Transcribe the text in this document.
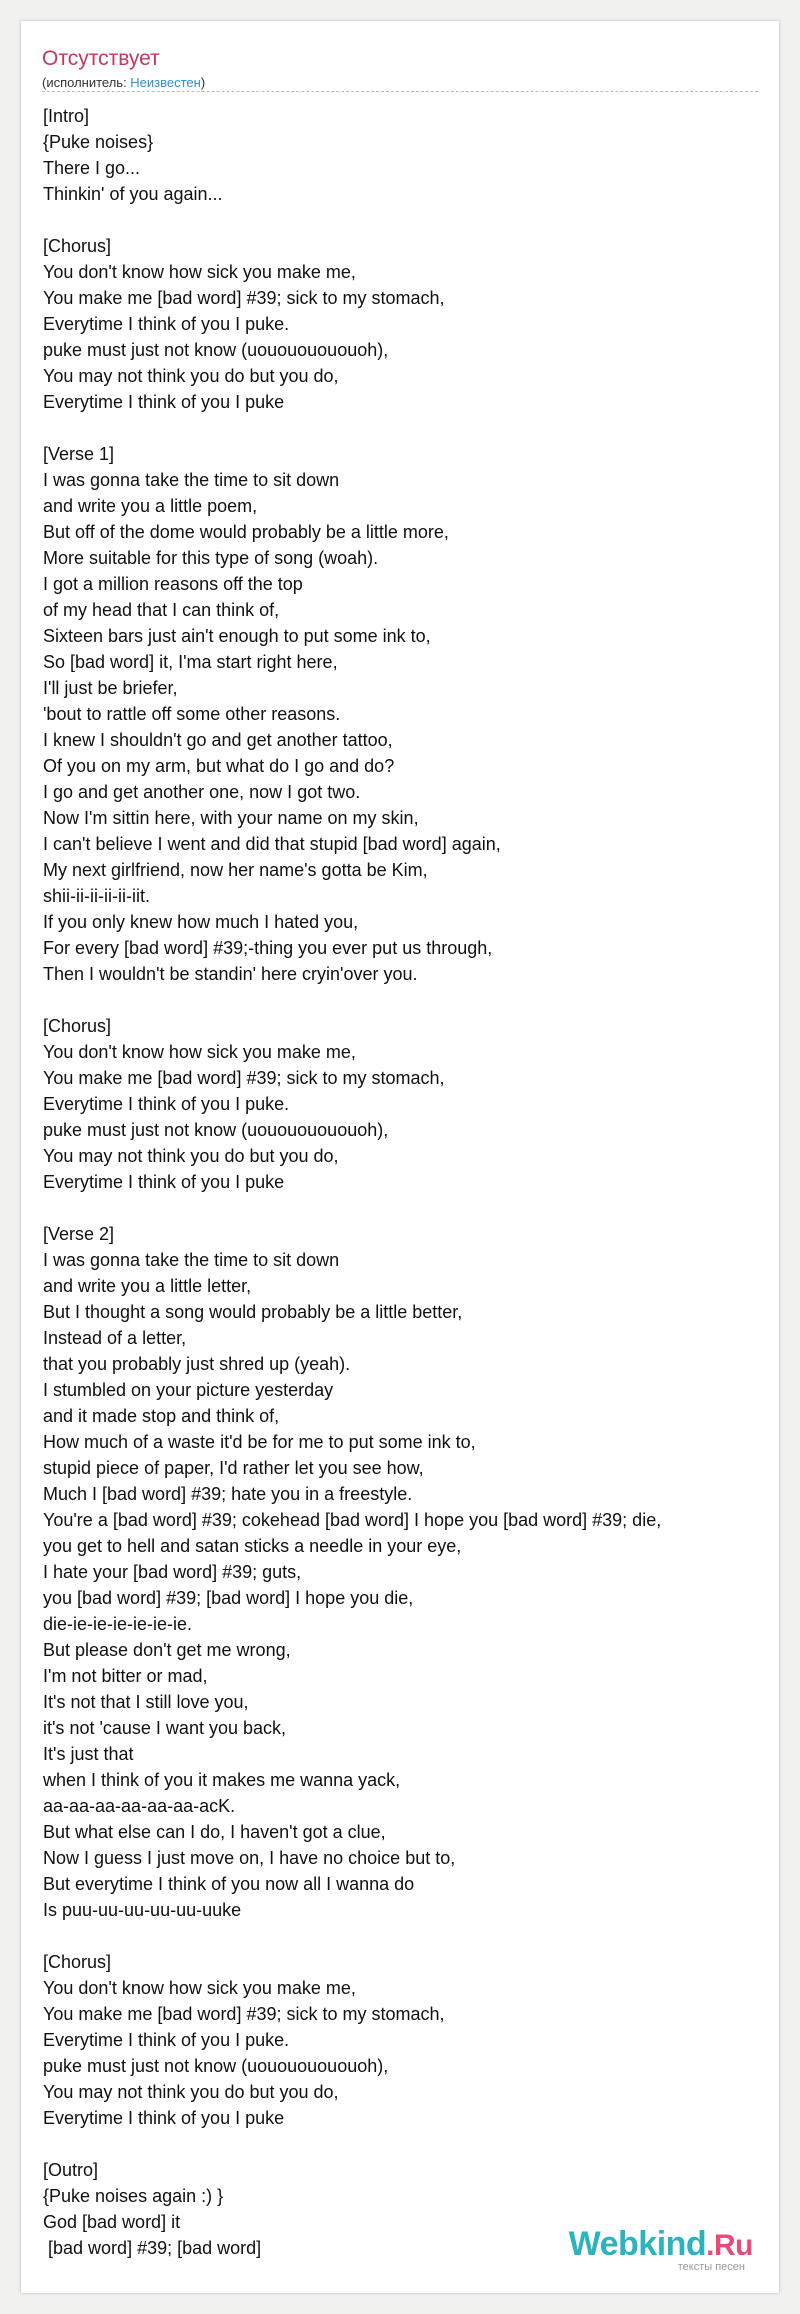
Отсутствует
(исполнитель: Неизвестен)
[Intro]
{Puke noises}
There I go...
Thinkin' of you again...

[Chorus]
You don't know how sick you make me,
You make me [bad word] #39; sick to my stomach,
Everytime I think of you I puke.
puke must just not know (uouououououoh),
You may not think you do but you do,
Everytime I think of you I puke

[Verse 1]
I was gonna take the time to sit down
and write you a little poem,
But off of the dome would probably be a little more,
More suitable for this type of song (woah).
I got a million reasons off the top
of my head that I can think of,
Sixteen bars just ain't enough to put some ink to,
So [bad word] it, I'ma start right here,
I'll just be briefer,
'bout to rattle off some other reasons.
I knew I shouldn't go and get another tattoo,
Of you on my arm, but what do I go and do?
I go and get another one, now I got two.
Now I'm sittin here, with your name on my skin,
I can't believe I went and did that stupid [bad word] again,
My next girlfriend, now her name's gotta be Kim,
shii-ii-ii-ii-ii-iit.
If you only knew how much I hated you,
For every [bad word] #39;-thing you ever put us through,
Then I wouldn't be standin' here cryin'over you.

[Chorus]
You don't know how sick you make me,
You make me [bad word] #39; sick to my stomach,
Everytime I think of you I puke.
puke must just not know (uouououououoh),
You may not think you do but you do,
Everytime I think of you I puke

[Verse 2]
I was gonna take the time to sit down
and write you a little letter,
But I thought a song would probably be a little better,
Instead of a letter,
that you probably just shred up (yeah).
I stumbled on your picture yesterday
and it made stop and think of,
How much of a waste it'd be for me to put some ink to,
stupid piece of paper, I'd rather let you see how,
Much I [bad word] #39; hate you in a freestyle.
You're a [bad word] #39; cokehead [bad word] I hope you [bad word] #39; die,
you get to hell and satan sticks a needle in your eye,
I hate your [bad word] #39; guts,
you [bad word] #39; [bad word] I hope you die,
die-ie-ie-ie-ie-ie-ie.
But please don't get me wrong,
I'm not bitter or mad,
It's not that I still love you,
it's not 'cause I want you back,
It's just that
when I think of you it makes me wanna yack,
aa-aa-aa-aa-aa-aa-acK.
But what else can I do, I haven't got a clue,
Now I guess I just move on, I have no choice but to,
But everytime I think of you now all I wanna do
Is puu-uu-uu-uu-uu-uuke

[Chorus]
You don't know how sick you make me,
You make me [bad word] #39; sick to my stomach,
Everytime I think of you I puke.
puke must just not know (uouououououoh),
You may not think you do but you do,
Everytime I think of you I puke

[Outro]
{Puke noises again :) }
God [bad word] it
[bad word] #39; [bad word]	Webkind.Ru
тексты песен
